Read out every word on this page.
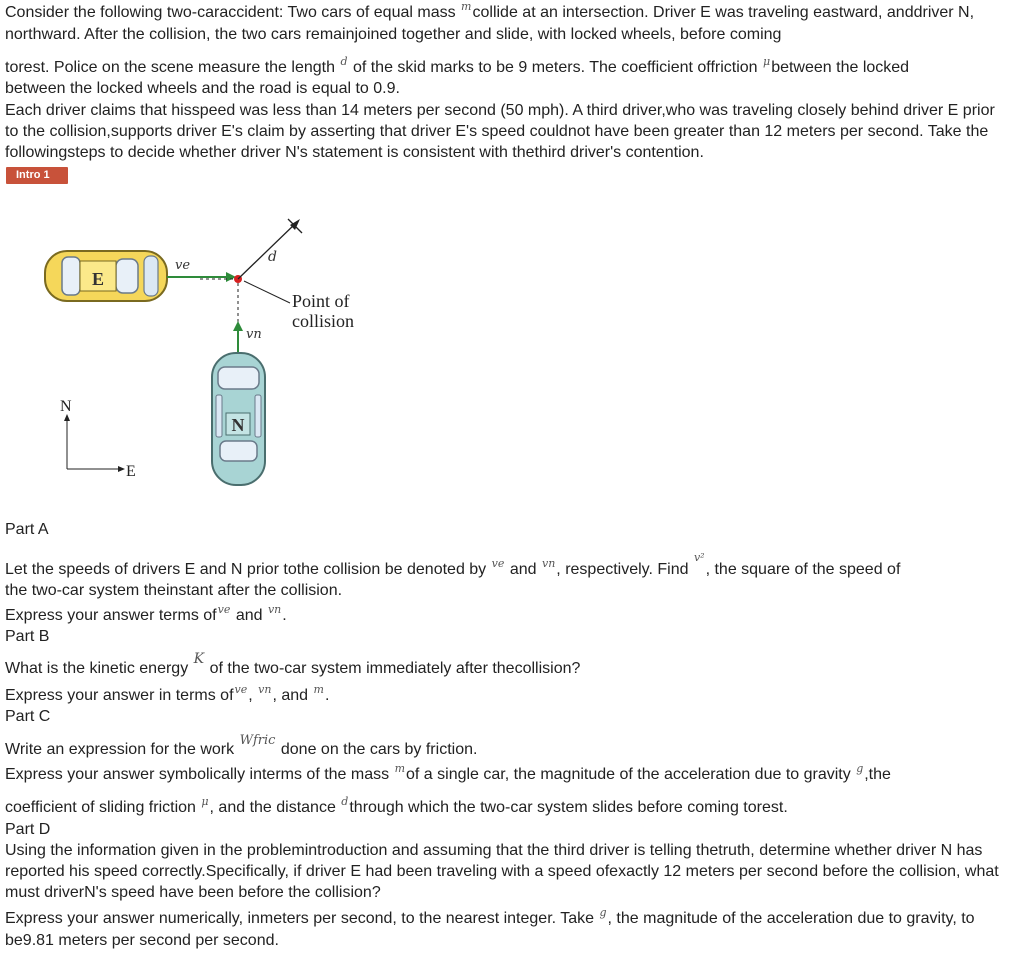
Consider the following two-caraccident: Two cars of equal mass $^m$collide at an intersection. Driver E was traveling eastward, anddriver N, northward. After the collision, the two cars remainjoined together and slide, with locked wheels, before coming

torest. Police on the scene measure the length $^d$ of the skid marks to be 9 meters. The coefficient offriction $^\mu$between the locked

between the locked wheels and the road is equal to 0.9.

Each driver claims that hisspeed was less than 14 meters per second (50 mph). A third driver,who was traveling closely behind driver E prior to the collision,supports driver E's claim by asserting that driver E's speed couldnot have been greater than 12 meters per second. Take the followingsteps to decide whether driver N's statement is consistent with thethird driver's contention.

Intro 1
E
ve
vn
d
Point of
collision
N
N
E

Part A

Let the speeds of drivers E and N prior tothe collision be denoted by $^{ve}$ and $^{vn}$, respectively. Find $^{v^2}$, the square of the speed of

the two-car system theinstant after the collision.

Express your answer terms $of^{ve}$ and $^{vn}$.

Part B

What is the kinetic energy K of the two-car system immediately after thecollision?

Express your answer in terms $of^{ve}$, $^{vn}$, and $^m$.

Part C

Write an expression for the work $^{Wfric}$ done on the cars by friction.

Express your answer symbolically interms of the mass $^m$of a single car, the magnitude of the acceleration due to gravity $^g$,the

coefficient of sliding friction $^\mu$, and the distance $^d$through which the two-car system slides before coming torest.

Part D

Using the information given in the problemintroduction and assuming that the third driver is telling thetruth, determine whether driver N has reported his speed correctly.Specifically, if driver E had been traveling with a speed ofexactly 12 meters per second before the collision, what must driverN's speed have been before the collision?

Express your answer numerically, inmeters per second, to the nearest integer. Take $^g$, the magnitude of the acceleration due to gravity, to be9.81 meters per second per second.
